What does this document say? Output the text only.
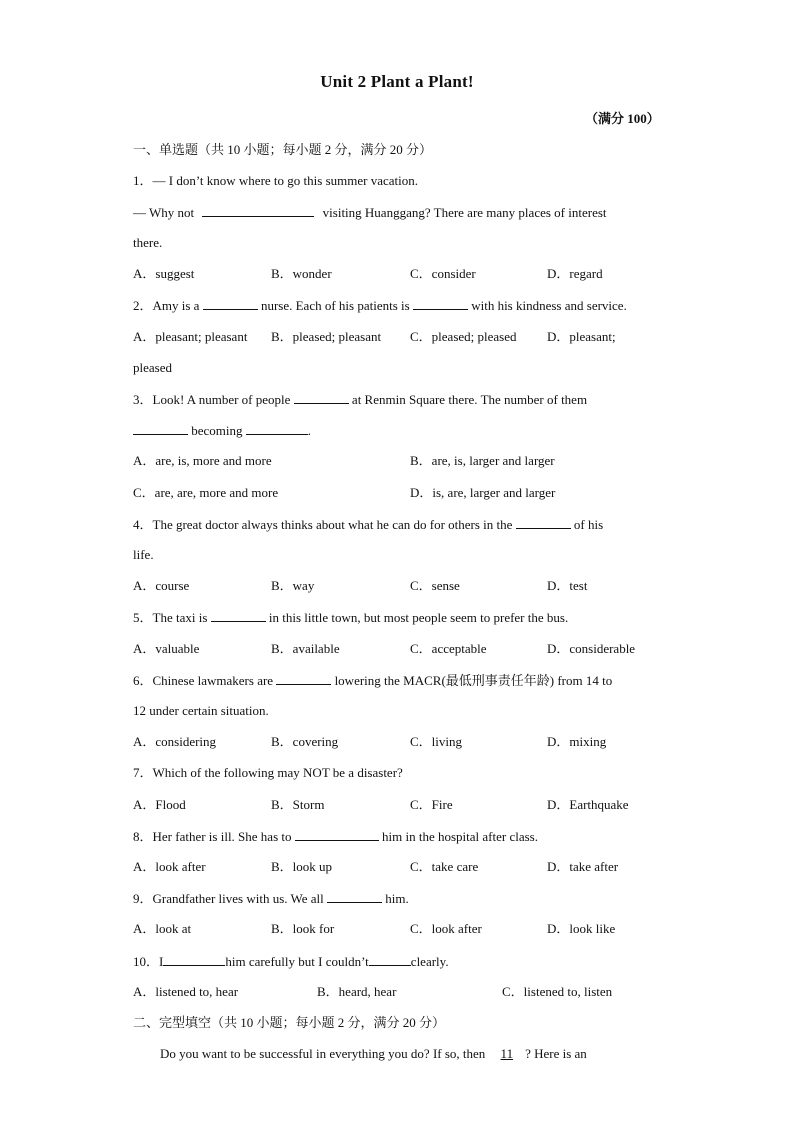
Unit 2 Plant a Plant!
（满分 100）
一、单选题（共 10 小题；每小题 2 分，满分 20 分）
1．— I don’t know where to go this summer vacation.
— Why not	visiting Huanggang? There are many places of interest
there.
A．suggest	B．wonder	C．consider	D．regard
2．Amy is a	nurse. Each of his patients is	with his kindness and service.
A．pleasant; pleasant B．pleased; pleasant C．pleased; pleased D．pleasant;
pleased
3．Look! A number of people	at Renmin Square there. The number of them
becoming	.
A．are, is, more and more	B．are, is, larger and larger
C．are, are, more and more	D．is, are, larger and larger
4．The great doctor always thinks about what he can do for others in the	of his
life.
A．course	B．way	C．sense	D．test
5．The taxi is	in this little town, but most people seem to prefer the bus.
A．valuable	B．available	C．acceptable	D．considerable
6．Chinese lawmakers are	lowering the MACR(最低刑事责任年龄) from 14 to
12 under certain situation.
A．considering	B．covering	C．living	D．mixing
7．Which of the following may NOT be a disaster?
A．Flood	B．Storm	C．Fire	D．Earthquake
8．Her father is ill. She has to	him in the hospital after class.
A．look after	B．look up	C．take care	D．take after
9．Grandfather lives with us. We all	him.
A．look at	B．look for	C．look after	D．look like
10．I	him carefully but I couldn’t	clearly.
A．listened to, hear	B．heard, hear	C．listened to, listen
二、完型填空（共 10 小题；每小题 2 分，满分 20 分）
Do you want to be successful in everything you do? If so, then 11 ? Here is an
